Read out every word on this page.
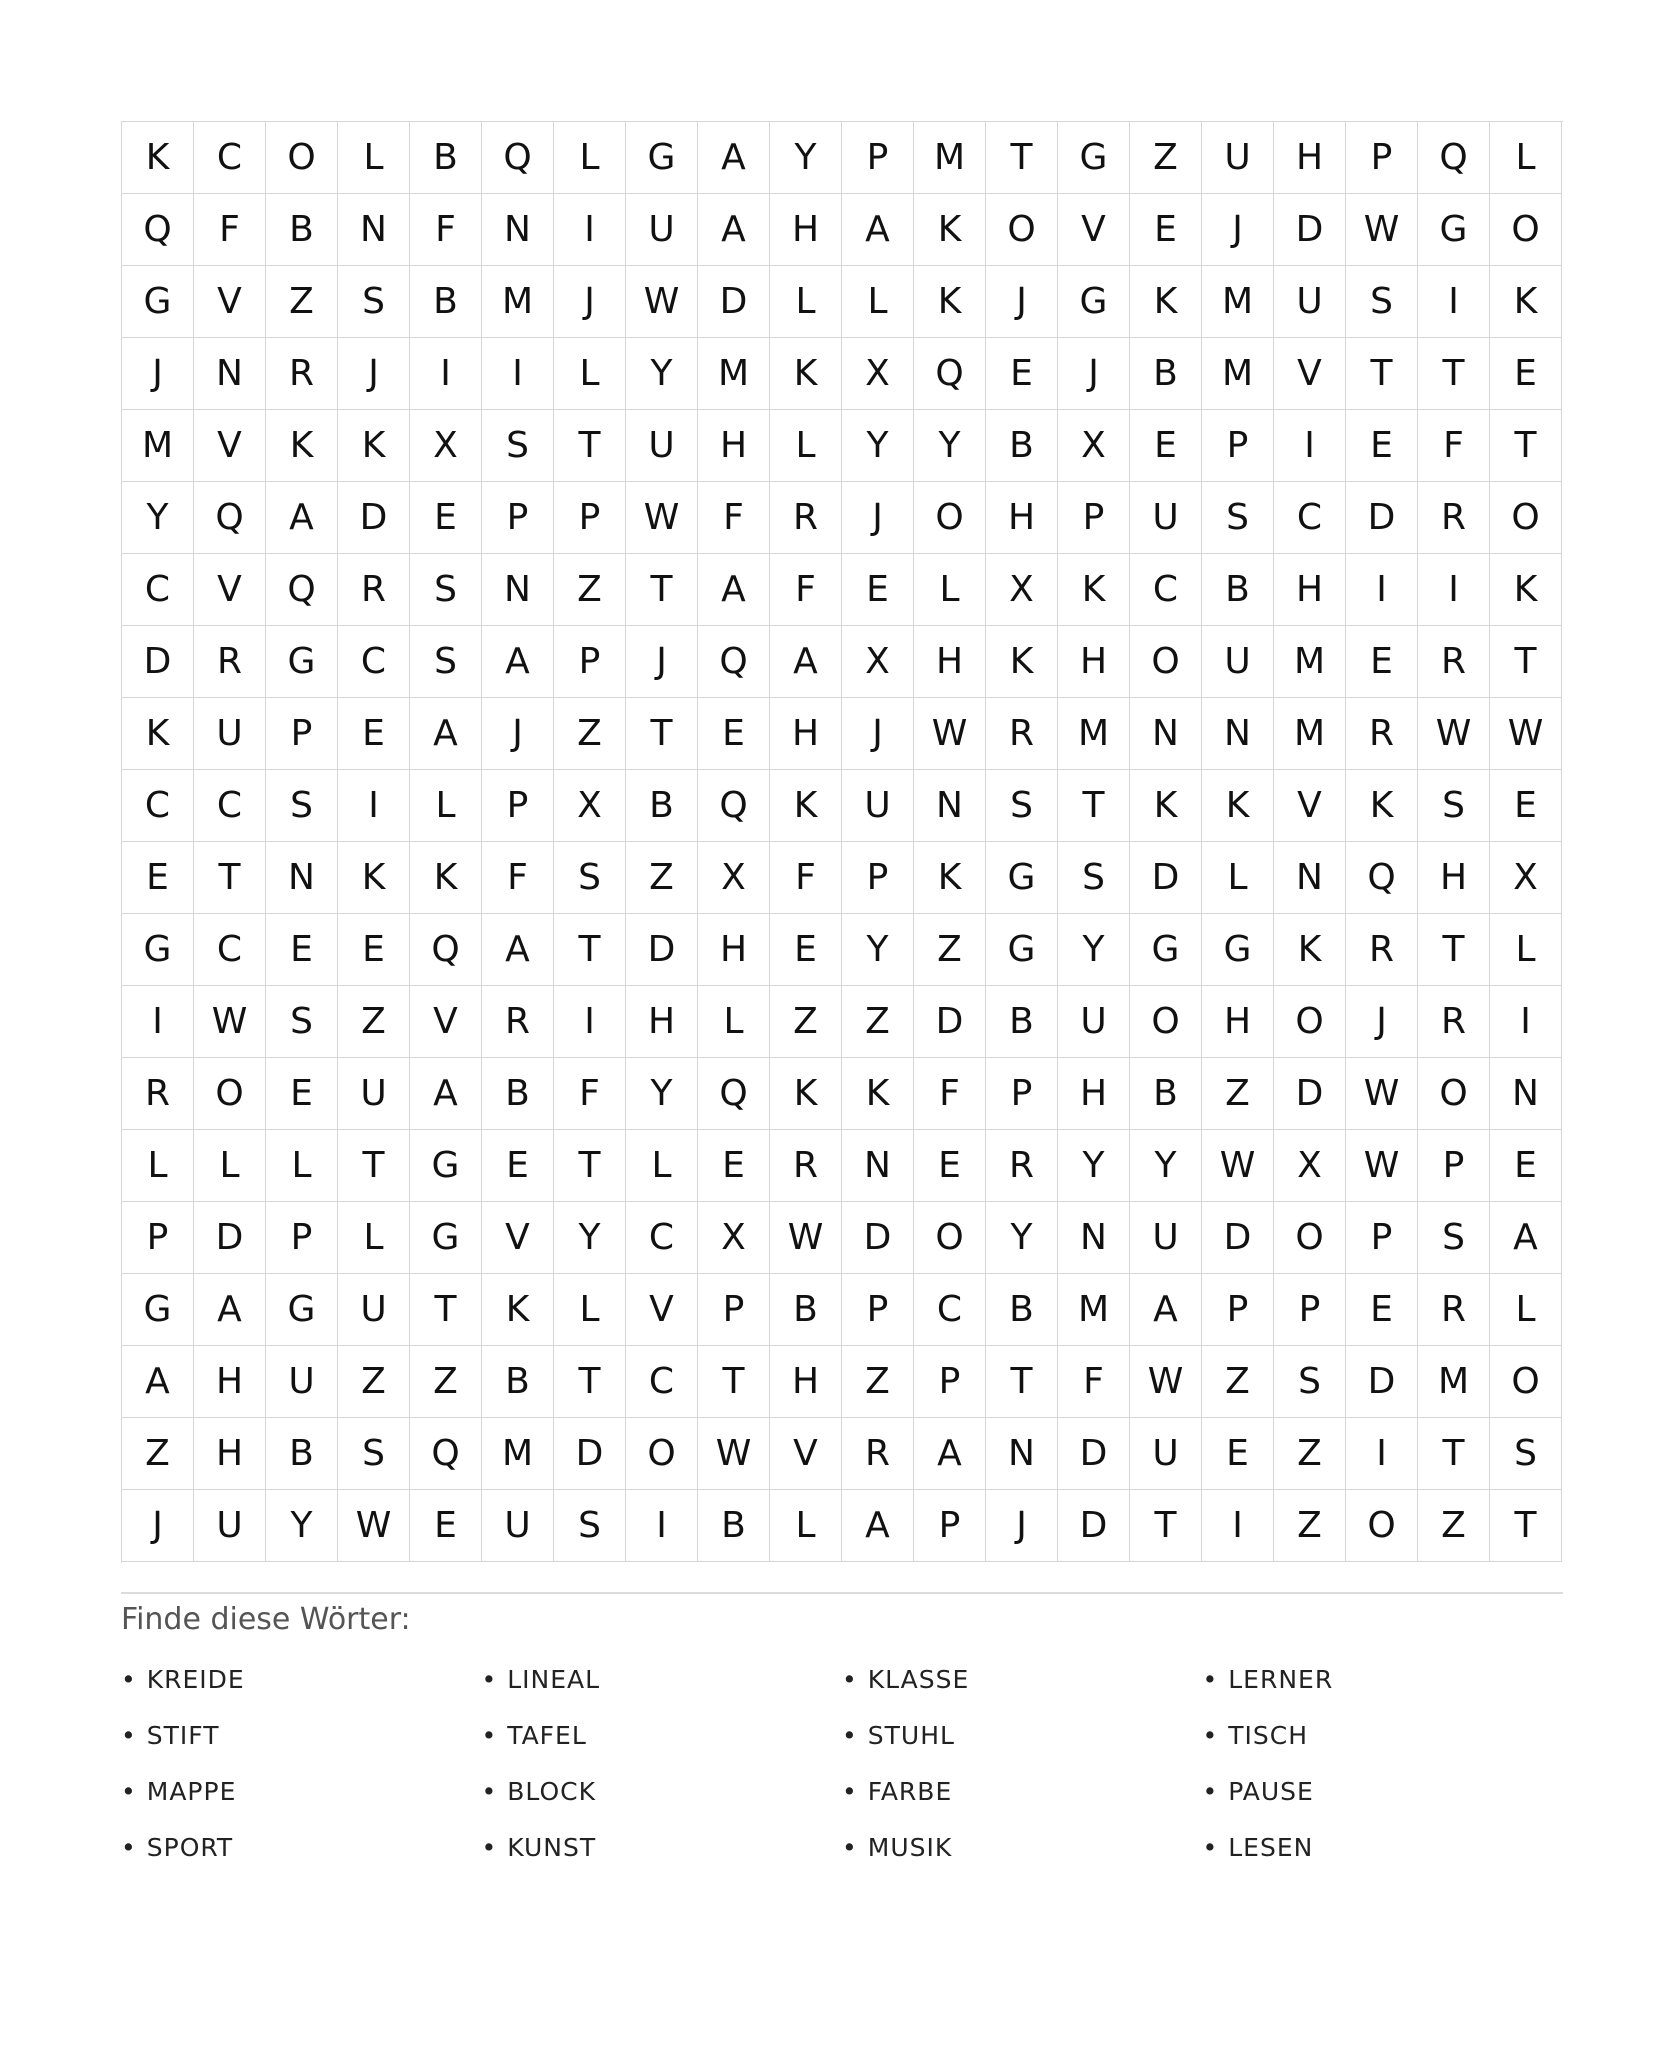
K	C	O	L	B	Q	L	G	A	Y	P	M	T	G	Z	U	H	P	Q	L
Q	F	B	N	F	N	I	U	A	H	A	K	O	V	E	J	D	W	G	O
G	V	Z	S	B	M	J	W	D	L	L	K	J	G	K	M	U	S	I	K
J	N	R	J	I	I	L	Y	M	K	X	Q	E	J	B	M	V	T	T	E
M	V	K	K	X	S	T	U	H	L	Y	Y	B	X	E	P	I	E	F	T
Y	Q	A	D	E	P	P	W	F	R	J	O	H	P	U	S	C	D	R	O
C	V	Q	R	S	N	Z	T	A	F	E	L	X	K	C	B	H	I	I	K
D	R	G	C	S	A	P	J	Q	A	X	H	K	H	O	U	M	E	R	T
K	U	P	E	A	J	Z	T	E	H	J	W	R	M	N	N	M	R	W	W
C	C	S	I	L	P	X	B	Q	K	U	N	S	T	K	K	V	K	S	E
E	T	N	K	K	F	S	Z	X	F	P	K	G	S	D	L	N	Q	H	X
G	C	E	E	Q	A	T	D	H	E	Y	Z	G	Y	G	G	K	R	T	L
I	W	S	Z	V	R	I	H	L	Z	Z	D	B	U	O	H	O	J	R	I
R	O	E	U	A	B	F	Y	Q	K	K	F	P	H	B	Z	D	W	O	N
L	L	L	T	G	E	T	L	E	R	N	E	R	Y	Y	W	X	W	P	E
P	D	P	L	G	V	Y	C	X	W	D	O	Y	N	U	D	O	P	S	A
G	A	G	U	T	K	L	V	P	B	P	C	B	M	A	P	P	E	R	L
A	H	U	Z	Z	B	T	C	T	H	Z	P	T	F	W	Z	S	D	M	O
Z	H	B	S	Q	M	D	O	W	V	R	A	N	D	U	E	Z	I	T	S
J	U	Y	W	E	U	S	I	B	L	A	P	J	D	T	I	Z	O	Z	T
Finde diese Wörter:
• KREIDE	• LINEAL	• KLASSE	• LERNER
• STIFT	• TAFEL	• STUHL	• TISCH
• MAPPE	• BLOCK	• FARBE	• PAUSE
• SPORT	• KUNST	• MUSIK	• LESEN
